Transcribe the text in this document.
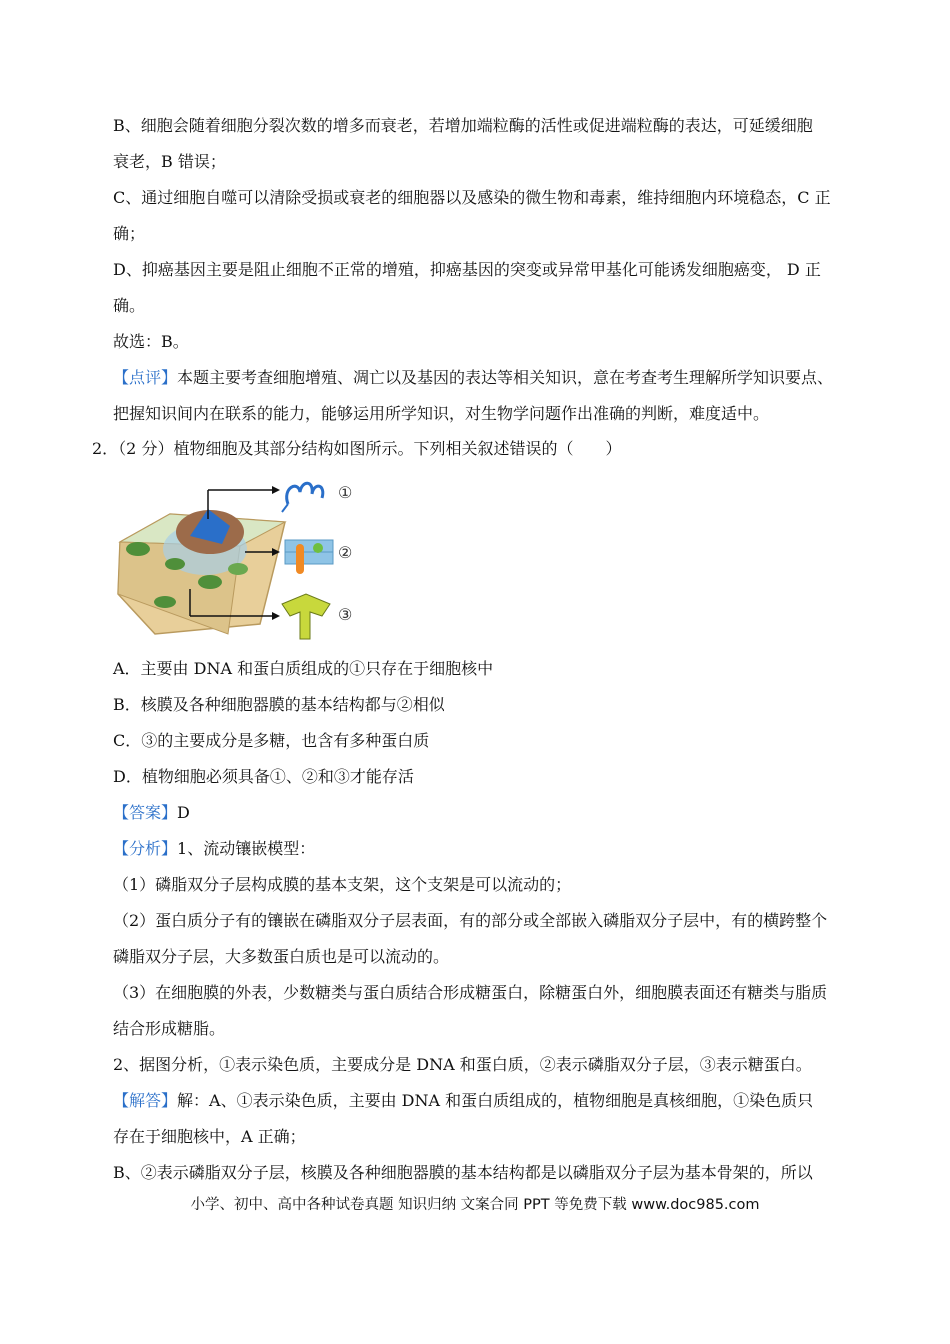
B、细胞会随着细胞分裂次数的增多而衰老，若增加端粒酶的活性或促进端粒酶的表达，可延缓细胞
衰老，B 错误；
C、通过细胞自噬可以清除受损或衰老的细胞器以及感染的微生物和毒素，维持细胞内环境稳态，C 正
确；
D、抑癌基因主要是阻止细胞不正常的增殖，抑癌基因的突变或异常甲基化可能诱发细胞癌变， D 正
确。
故选：B。
【点评】本题主要考查细胞增殖、凋亡以及基因的表达等相关知识，意在考查考生理解所学知识要点、
把握知识间内在联系的能力，能够运用所学知识，对生物学问题作出准确的判断，难度适中。
2．（2 分）植物细胞及其部分结构如图所示。下列相关叙述错误的（　　）
①
②
③
A．主要由 DNA 和蛋白质组成的①只存在于细胞核中
B．核膜及各种细胞器膜的基本结构都与②相似
C．③的主要成分是多糖，也含有多种蛋白质
D．植物细胞必须具备①、②和③才能存活
【答案】D
【分析】1、流动镶嵌模型：
（1）磷脂双分子层构成膜的基本支架，这个支架是可以流动的；
（2）蛋白质分子有的镶嵌在磷脂双分子层表面，有的部分或全部嵌入磷脂双分子层中，有的横跨整个
磷脂双分子层，大多数蛋白质也是可以流动的。
（3）在细胞膜的外表，少数糖类与蛋白质结合形成糖蛋白，除糖蛋白外，细胞膜表面还有糖类与脂质
结合形成糖脂。
2、据图分析，①表示染色质，主要成分是 DNA 和蛋白质，②表示磷脂双分子层，③表示糖蛋白。
【解答】解：A、①表示染色质，主要由 DNA 和蛋白质组成的，植物细胞是真核细胞，①染色质只
存在于细胞核中，A 正确；
B、②表示磷脂双分子层，核膜及各种细胞器膜的基本结构都是以磷脂双分子层为基本骨架的，所以
小学、初中、高中各种试卷真题 知识归纳 文案合同 PPT 等免费下载 www.doc985.com
